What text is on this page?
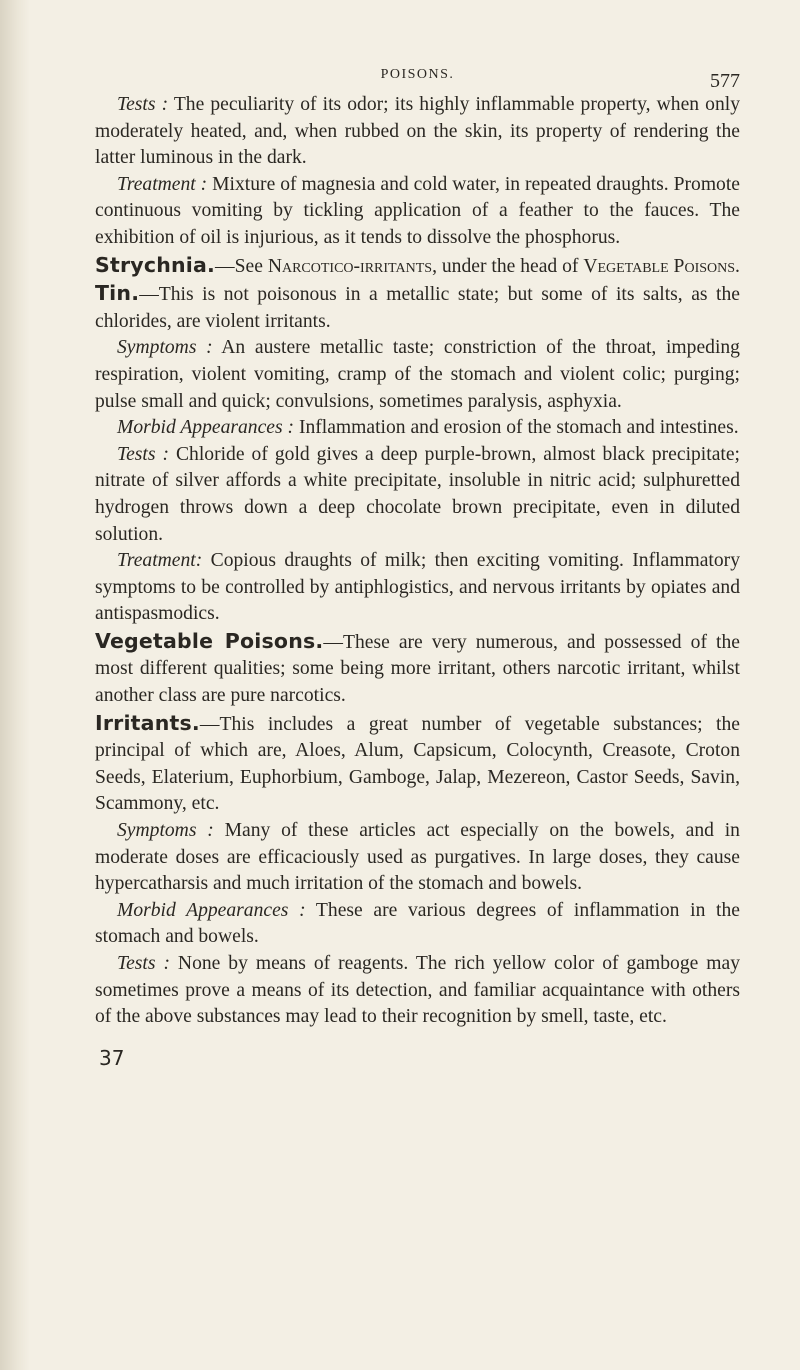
POISONS.	577

Tests : The peculiarity of its odor; its highly inflammable property, when only moderately heated, and, when rubbed on the skin, its property of rendering the latter luminous in the dark.

Treatment : Mixture of magnesia and cold water, in repeated draughts. Promote continuous vomiting by tickling application of a feather to the fauces. The exhibition of oil is injurious, as it tends to dissolve the phosphorus.

Strychnia.—See Narcotico-irritants, under the head of Vegetable Poisons.

Tin.—This is not poisonous in a metallic state; but some of its salts, as the chlorides, are violent irritants.

Symptoms : An austere metallic taste; constriction of the throat, impeding respiration, violent vomiting, cramp of the stomach and violent colic; purging; pulse small and quick; convulsions, sometimes paralysis, asphyxia.

Morbid Appearances : Inflammation and erosion of the stomach and intestines.

Tests : Chloride of gold gives a deep purple-brown, almost black precipitate; nitrate of silver affords a white precipitate, insoluble in nitric acid; sulphuretted hydrogen throws down a deep chocolate brown precipitate, even in diluted solution.

Treatment: Copious draughts of milk; then exciting vomiting. Inflammatory symptoms to be controlled by antiphlogistics, and nervous irritants by opiates and antispasmodics.

Vegetable Poisons.—These are very numerous, and possessed of the most different qualities; some being more irritant, others narcotic irritant, whilst another class are pure narcotics.

Irritants.—This includes a great number of vegetable substances; the principal of which are, Aloes, Alum, Capsicum, Colocynth, Creasote, Croton Seeds, Elaterium, Euphorbium, Gamboge, Jalap, Mezereon, Castor Seeds, Savin, Scammony, etc.

Symptoms : Many of these articles act especially on the bowels, and in moderate doses are efficaciously used as purgatives. In large doses, they cause hypercatharsis and much irritation of the stomach and bowels.

Morbid Appearances : These are various degrees of inflammation in the stomach and bowels.

Tests : None by means of reagents. The rich yellow color of gamboge may sometimes prove a means of its detection, and familiar acquaintance with others of the above substances may lead to their recognition by smell, taste, etc.

37
